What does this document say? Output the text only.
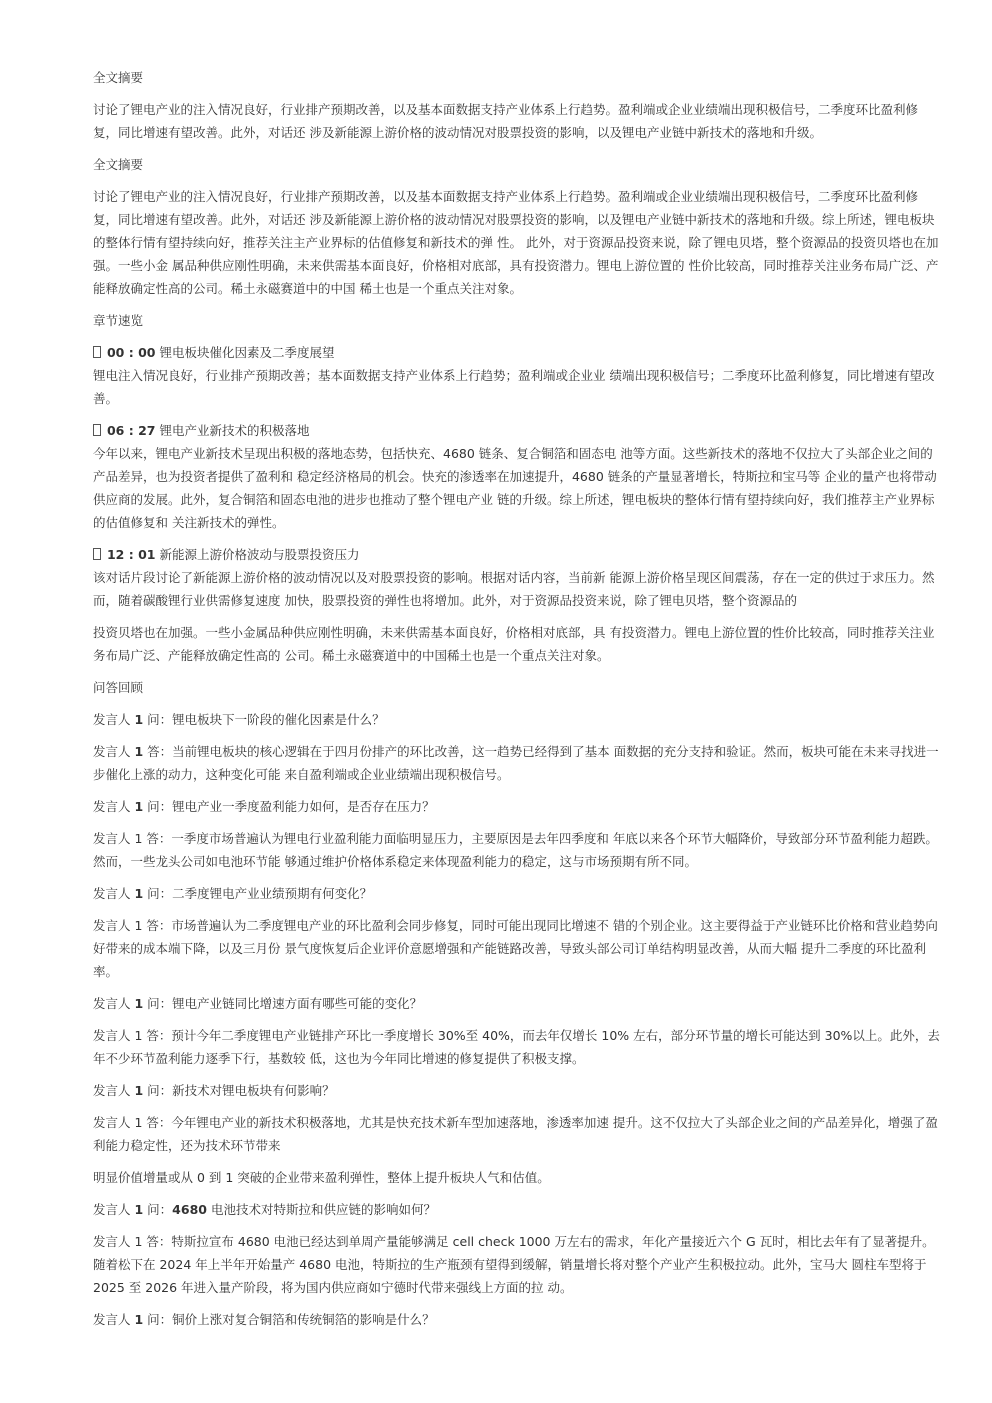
全文摘要
讨论了锂电产业的注入情况良好，行业排产预期改善，以及基本面数据支持产业体系上行趋势。盈利端或企业业绩端出现积极信号，二季度环比盈利修复，同比增速有望改善。此外，对话还 涉及新能源上游价格的波动情况对股票投资的影响，以及锂电产业链中新技术的落地和升级。
全文摘要
讨论了锂电产业的注入情况良好，行业排产预期改善，以及基本面数据支持产业体系上行趋势。盈利端或企业业绩端出现积极信号，二季度环比盈利修复，同比增速有望改善。此外，对话还 涉及新能源上游价格的波动情况对股票投资的影响，以及锂电产业链中新技术的落地和升级。综上所述，锂电板块的整体行情有望持续向好，推荐关注主产业界标的估值修复和新技术的弹 性。 此外，对于资源品投资来说，除了锂电贝塔，整个资源品的投资贝塔也在加强。一些小金 属品种供应刚性明确，未来供需基本面良好，价格相对底部，具有投资潜力。锂电上游位置的 性价比较高，同时推荐关注业务布局广泛、产能释放确定性高的公司。稀土永磁赛道中的中国 稀土也是一个重点关注对象。
章节速览
00 : 00 锂电板块催化因素及二季度展望
锂电注入情况良好，行业排产预期改善；基本面数据支持产业体系上行趋势；盈利端或企业业 绩端出现积极信号；二季度环比盈利修复，同比增速有望改善。
06 : 27 锂电产业新技术的积极落地
今年以来，锂电产业新技术呈现出积极的落地态势，包括快充、4680 链条、复合铜箔和固态电 池等方面。这些新技术的落地不仅拉大了头部企业之间的产品差异，也为投资者提供了盈利和 稳定经济格局的机会。快充的渗透率在加速提升，4680 链条的产量显著增长，特斯拉和宝马等 企业的量产也将带动供应商的发展。此外，复合铜箔和固态电池的进步也推动了整个锂电产业 链的升级。综上所述，锂电板块的整体行情有望持续向好，我们推荐主产业界标的估值修复和 关注新技术的弹性。
12 : 01 新能源上游价格波动与股票投资压力
该对话片段讨论了新能源上游价格的波动情况以及对股票投资的影响。根据对话内容，当前新 能源上游价格呈现区间震荡，存在一定的供过于求压力。然而，随着碳酸锂行业供需修复速度 加快，股票投资的弹性也将增加。此外，对于资源品投资来说，除了锂电贝塔，整个资源品的
投资贝塔也在加强。一些小金属品种供应刚性明确，未来供需基本面良好，价格相对底部，具 有投资潜力。锂电上游位置的性价比较高，同时推荐关注业务布局广泛、产能释放确定性高的 公司。稀土永磁赛道中的中国稀土也是一个重点关注对象。
问答回顾
发言人 1 问：锂电板块下一阶段的催化因素是什么？
发言人 1 答：当前锂电板块的核心逻辑在于四月份排产的环比改善，这一趋势已经得到了基本 面数据的充分支持和验证。然而，板块可能在未来寻找进一步催化上涨的动力，这种变化可能 来自盈利端或企业业绩端出现积极信号。
发言人 1 问：锂电产业一季度盈利能力如何，是否存在压力？
发言人 1 答：一季度市场普遍认为锂电行业盈利能力面临明显压力，主要原因是去年四季度和 年底以来各个环节大幅降价，导致部分环节盈利能力超跌。然而，一些龙头公司如电池环节能 够通过维护价格体系稳定来体现盈利能力的稳定，这与市场预期有所不同。
发言人 1 问：二季度锂电产业业绩预期有何变化？
发言人 1 答：市场普遍认为二季度锂电产业的环比盈利会同步修复，同时可能出现同比增速不 错的个别企业。这主要得益于产业链环比价格和营业趋势向好带来的成本端下降，以及三月份 景气度恢复后企业评价意愿增强和产能链路改善，导致头部公司订单结构明显改善，从而大幅 提升二季度的环比盈利率。
发言人 1 问：锂电产业链同比增速方面有哪些可能的变化？
发言人 1 答：预计今年二季度锂电产业链排产环比一季度增长 30%至 40%，而去年仅增长 10% 左右，部分环节量的增长可能达到 30%以上。此外，去年不少环节盈利能力逐季下行，基数较 低，这也为今年同比增速的修复提供了积极支撑。
发言人 1 问：新技术对锂电板块有何影响？
发言人 1 答：今年锂电产业的新技术积极落地，尤其是快充技术新车型加速落地，渗透率加速 提升。这不仅拉大了头部企业之间的产品差异化，增强了盈利能力稳定性，还为技术环节带来
明显价值增量或从 0 到 1 突破的企业带来盈利弹性，整体上提升板块人气和估值。
发言人 1 问：4680 电池技术对特斯拉和供应链的影响如何？
发言人 1 答：特斯拉宣布 4680 电池已经达到单周产量能够满足 cell check 1000 万左右的需求，年化产量接近六个 G 瓦时，相比去年有了显著提升。随着松下在 2024 年上半年开始量产 4680 电池，特斯拉的生产瓶颈有望得到缓解，销量增长将对整个产业产生积极拉动。此外，宝马大 圆柱车型将于 2025 至 2026 年进入量产阶段，将为国内供应商如宁德时代带来强线上方面的拉 动。
发言人 1 问：铜价上涨对复合铜箔和传统铜箔的影响是什么？
